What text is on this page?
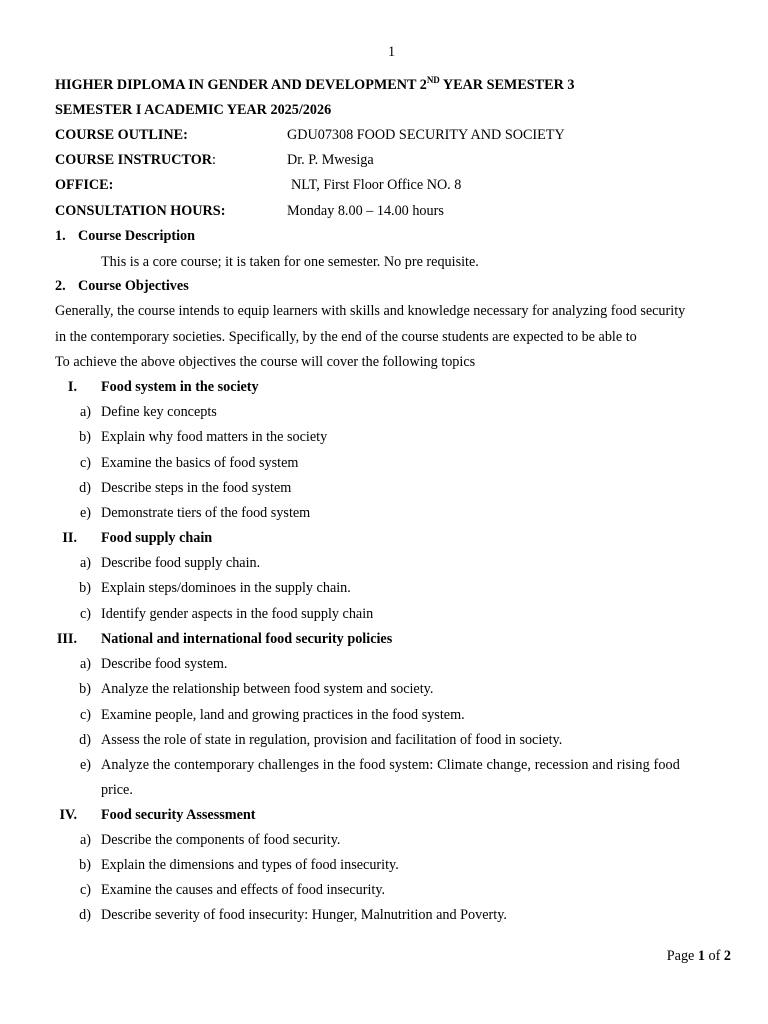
1
HIGHER DIPLOMA IN GENDER AND DEVELOPMENT 2ND YEAR SEMESTER 3
SEMESTER I ACADEMIC YEAR 2025/2026
COURSE OUTLINE:	GDU07308 FOOD SECURITY AND SOCIETY
COURSE INSTRUCTOR:	Dr. P. Mwesiga
OFFICE:	NLT, First Floor Office NO. 8
CONSULTATION HOURS:	Monday 8.00 – 14.00 hours
1. Course Description
This is a core course; it is taken for one semester. No pre requisite.
2. Course Objectives
Generally, the course intends to equip learners with skills and knowledge necessary for analyzing food security
in the contemporary societies. Specifically, by the end of the course students are expected to be able to
To achieve the above objectives the course will cover the following topics
I. Food system in the society
a) Define key concepts
b) Explain why food matters in the society
c) Examine the basics of food system
d) Describe steps in the food system
e) Demonstrate tiers of the food system
II. Food supply chain
a) Describe food supply chain.
b) Explain steps/dominoes in the supply chain.
c) Identify gender aspects in the food supply chain
III. National and international food security policies
a) Describe food system.
b) Analyze the relationship between food system and society.
c) Examine people, land and growing practices in the food system.
d) Assess the role of state in regulation, provision and facilitation of food in society.
e) Analyze the contemporary challenges in the food system: Climate change, recession and rising food
price.
IV. Food security Assessment
a) Describe the components of food security.
b) Explain the dimensions and types of food insecurity.
c) Examine the causes and effects of food insecurity.
d) Describe severity of food insecurity: Hunger, Malnutrition and Poverty.
Page 1 of 2
